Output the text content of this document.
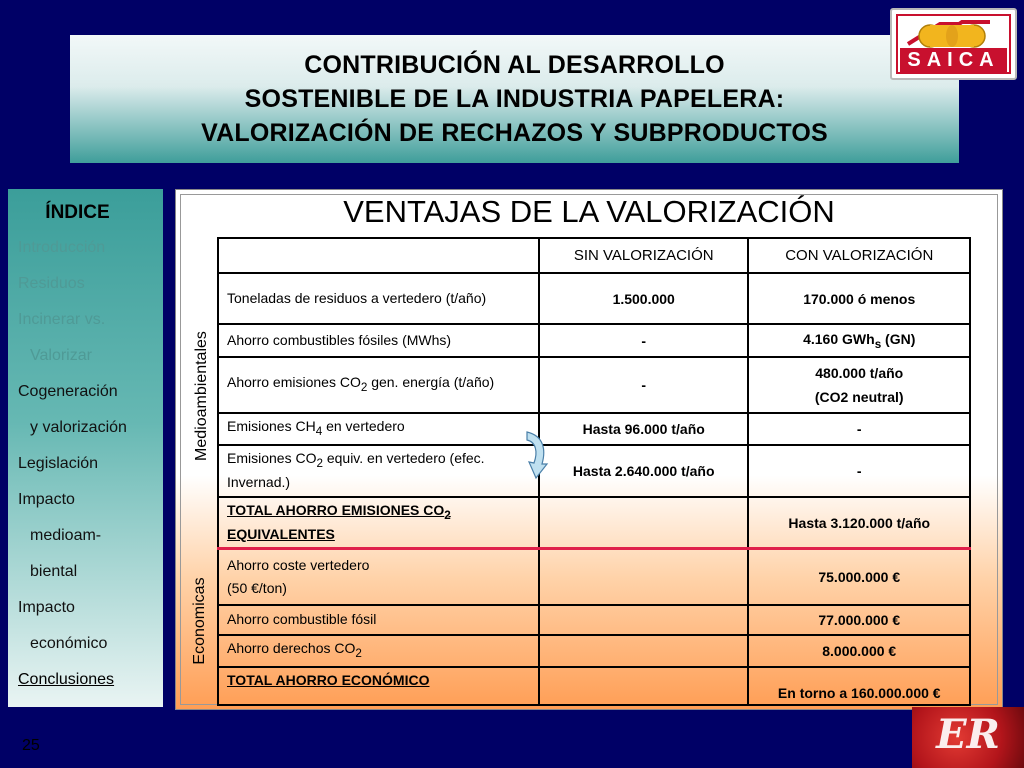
CONTRIBUCIÓN AL DESARROLLO
SOSTENIBLE DE LA INDUSTRIA PAPELERA:
VALORIZACIÓN DE RECHAZOS Y SUBPRODUCTOS
SAICA
ÍNDICE
Introducción
Residuos
Incinerar vs.
Valorizar
Cogeneración
y valorización
Legislación
Impacto
medioam-
biental
Impacto
económico
Conclusiones
VENTAJAS DE LA VALORIZACIÓN
Medioambientales
Economicas
	SIN VALORIZACIÓN	CON VALORIZACIÓN
Toneladas de residuos a vertedero (t/año)	1.500.000	170.000 ó menos
Ahorro combustibles fósiles (MWhs)	-	4.160 GWh$_s$ (GN)
Ahorro emisiones $CO_2$ gen. energía (t/año)	-	480.000 t/año
(CO2 neutral)

Emisiones $CH_4$ en vertedero	Hasta 96.000 t/año	-
Emisiones $CO_2$ equiv. en vertedero (efec. Invernad.)	Hasta 2.640.000 t/año	-
TOTAL AHORRO EMISIONES $CO_2$ EQUIVALENTES		Hasta 3.120.000 t/año

Ahorro coste vertedero
(50 €/ton)		75.000.000 €
Ahorro combustible fósil		77.000.000 €
Ahorro derechos $CO_2$		8.000.000 €
TOTAL AHORRO ECONÓMICO		En torno a 160.000.000 €
25	ER
